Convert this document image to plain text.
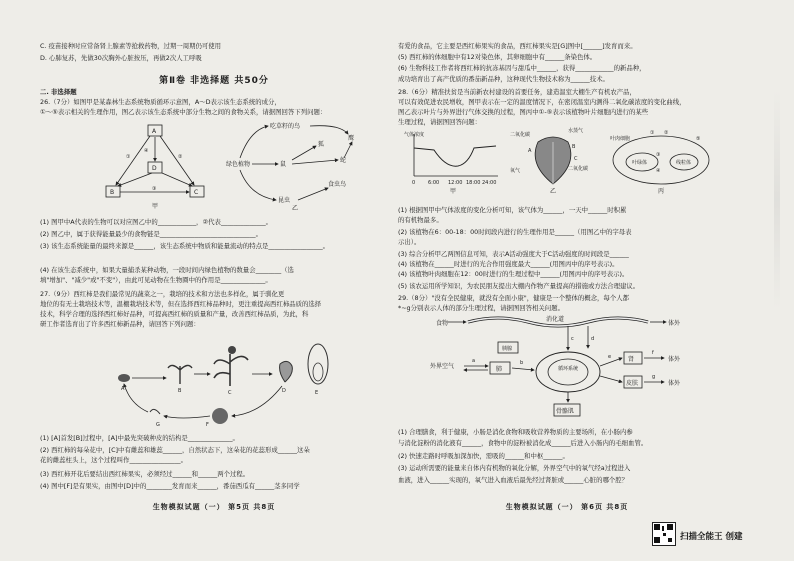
C. 疫苗接种时应常备肾上腺素等抢救药物，过期一周期仍可使用
D. 心肺复苏，先做30次胸外心脏按压，再做2次人工呼吸
第Ⅱ卷 非选择题 共50分
二. 非选择题
26.（7分）如图甲是某森林生态系统物质循环示意图，A～D表示该生态系统的成分，
①～⑤表示相关的生理作用，图乙表示该生态系统中部分生物之间的食物关系，请据图回答下列问题：
A
B	C
D
①	②
③
④
甲
吃草籽的鸟
绿色植物	鼠
狐
蛇
食虫鸟
昆虫
鹰
乙
(1) 图甲中A代表的生物可以对应图乙中的____________，②代表______________。
(2) 图乙中，属于获得能量最少的食物链是______________________________。
(3) 该生态系统能量的最终来源是______，该生态系统中物质和能量流动的特点是_________________。
(4) 在该生态系统中，如果大量捕杀某种动物，一段时间内绿色植物的数量会________（选
填"增加"、"减少"或"不变"），由此可见动物在生物圈中的作用是______________。
27.（9分）西红柿是我们最常见的蔬菜之一，栽培的技术和方法也多样化，属于驯化更
地位的有无土栽培技术等，温棚栽培技术等，但在选择西红柿品种时，更注重提高西红柿品质的选择
技术，科学合理的选择西红柿好品种，可提高西红柿的质量和产量，改善西红柿品质，为此，科
研工作者选育出了许多西红柿新品种，请回答下列问题：
A	B	C	D	E
F
G
(1) [A]首发[B]过程中，[A]中最先突破种皮的结构是______________。
(2) 西红柿的每朵花中，[C]中有雌蕊和雄蕊______，自然状态下，这朵花的花蕊形成______这朵
花的雌蕊柱头上，这个过程叫作________________。
(3) 西红柿开花后要结出西红柿果实，必须经过______和______两个过程。
(4) 图中[F]是有果实，由图中[D]中的________发育而来______，番茄西瓜有______茎多同学
生物模拟试题（一） 第5页 共8页
有爱的食品，它主要是西红柿果实的食品，西红柿果实是[G]图中[______]发育而来。
(5) 西红柿的体细胞中有12对染色体，其卵细胞中有______条染色体。
(6) 生物科技工作者将西红柿的抗冻基因与甜瓜中______，获得____________的新品种，
成功培育出了高产优质的番茄新品种，这种现代生物技术称为______技术。
28.（6分）精准扶贫是当前新农村建设的首要任务，建造温室大棚生产有机农产品，
可以有效促进农民增收，图甲表示在一定的温度情况下，在密闭温室内测得二氧化碳浓度的变化曲线，
图乙表示叶片与外界进行气体交换的过程，图丙中①-⑤表示该植物叶片细胞内进行的某些
生理过程，请据图回答问题：
气体浓度
0	6:00 12:00 18:00 24:00
甲
二氧化碳
水蒸气
二氧化碳
氧气
A
B
C
乙
叶绿体	线粒体
叶肉细胞
① ②
③
④
⑤
丙
(1) 根据图甲中气体浓度的变化分析可知，该气体为______，一天中______时积累
的有机物最多。
(2) 该植物在6：00-18：00时间段内进行的生理作用是______（用图乙中的字母表
示出）。
(3) 综合分析甲乙两图信息可知，表示A活动强度大于C活动强度的时间段是______
(4) 该植物在______时进行的光合作用强度最大______(用图丙中的序号表示)。
(4) 该植物叶肉细胞在12：00时进行的生理过程中______(用图丙中的序号表示)。
(5) 该农运用所学知识，为农民朋友提出大棚内作物产量提高的措施或方法合理建议。
29.（8分）"没有全民健康，就没有全面小康"，健康是一个整体的概念，每个人都
*~g分别表示人体的部分生理过程，请据图回答相关问题。
食物
消化道
体外
胰腺
外界空气	肺
a
循环系统
b
c	d
肾
皮肤
e
f
g
体外
体外
骨骼肌
(1) 合理膳食，利于健康，小肠是消化食物和吸收营养物质的主要场所，在小肠内参
与消化淀粉的消化液有______，食物中的淀粉被消化成______后进入小肠内的毛细血管。
(2) 快速走路时呼吸加深加快，需吸的______和中枢______。
(3) 运动所需要的能量来自体内有机物的氧化分解，外界空气中的氧气经a过程进入
血液，进入______实现的，氧气进入血液后最先经过肾脏或______心脏的哪个腔？
生物模拟试题（一） 第6页 共8页
扫描全能王 创建
